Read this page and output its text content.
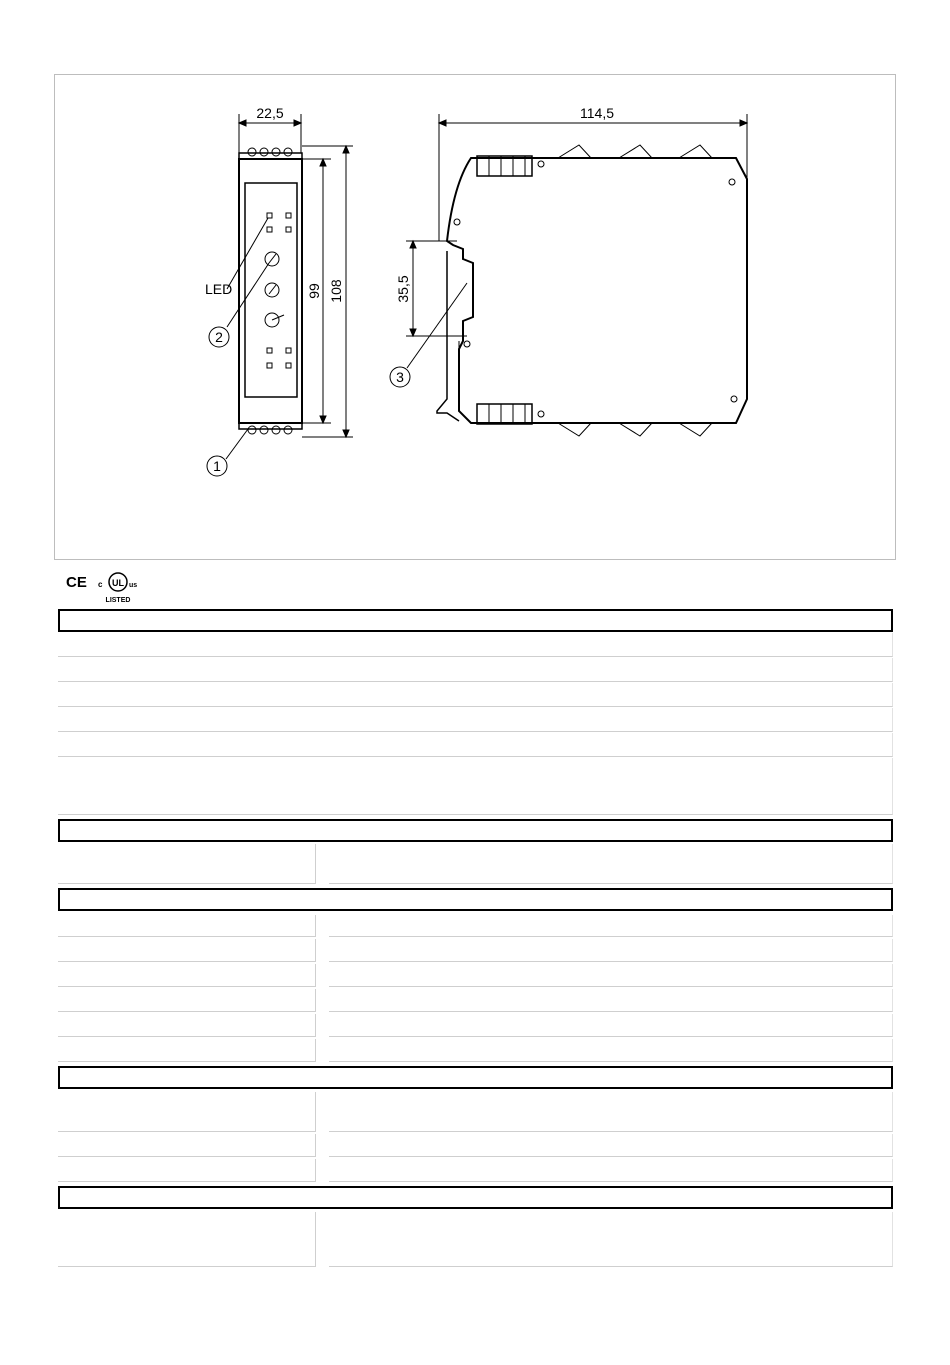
22,5	114,5
99 108	35,5
LED
1
2
3
CE c UL us
LISTED
